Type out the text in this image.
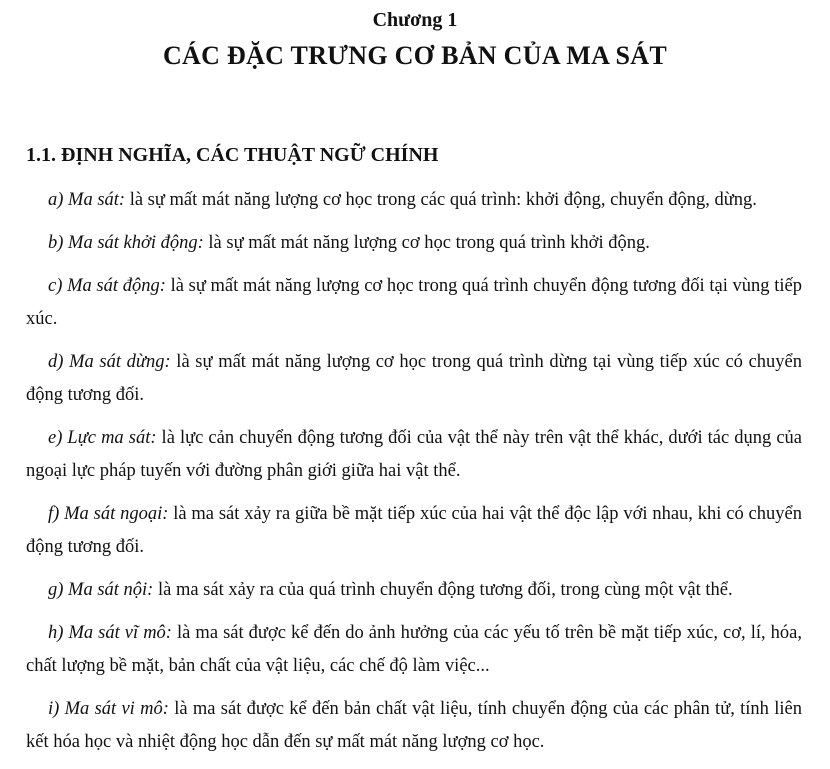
Chương 1
CÁC ĐẶC TRƯNG CƠ BẢN CỦA MA SÁT
1.1. ĐỊNH NGHĨA, CÁC THUẬT NGỮ CHÍNH
a) Ma sát: là sự mất mát năng lượng cơ học trong các quá trình: khởi động, chuyển động, dừng.
b) Ma sát khởi động: là sự mất mát năng lượng cơ học trong quá trình khởi động.
c) Ma sát động: là sự mất mát năng lượng cơ học trong quá trình chuyển động tương đối tại vùng tiếp xúc.
d) Ma sát dừng: là sự mất mát năng lượng cơ học trong quá trình dừng tại vùng tiếp xúc có chuyển động tương đối.
e) Lực ma sát: là lực cản chuyển động tương đối của vật thể này trên vật thể khác, dưới tác dụng của ngoại lực pháp tuyến với đường phân giới giữa hai vật thể.
f) Ma sát ngoại: là ma sát xảy ra giữa bề mặt tiếp xúc của hai vật thể độc lập với nhau, khi có chuyển động tương đối.
g) Ma sát nội: là ma sát xảy ra của quá trình chuyển động tương đối, trong cùng một vật thể.
h) Ma sát vĩ mô: là ma sát được kể đến do ảnh hưởng của các yếu tố trên bề mặt tiếp xúc, cơ, lí, hóa, chất lượng bề mặt, bản chất của vật liệu, các chế độ làm việc...
i) Ma sát vi mô: là ma sát được kể đến bản chất vật liệu, tính chuyển động của các phân tử, tính liên kết hóa học và nhiệt động học dẫn đến sự mất mát năng lượng cơ học.
